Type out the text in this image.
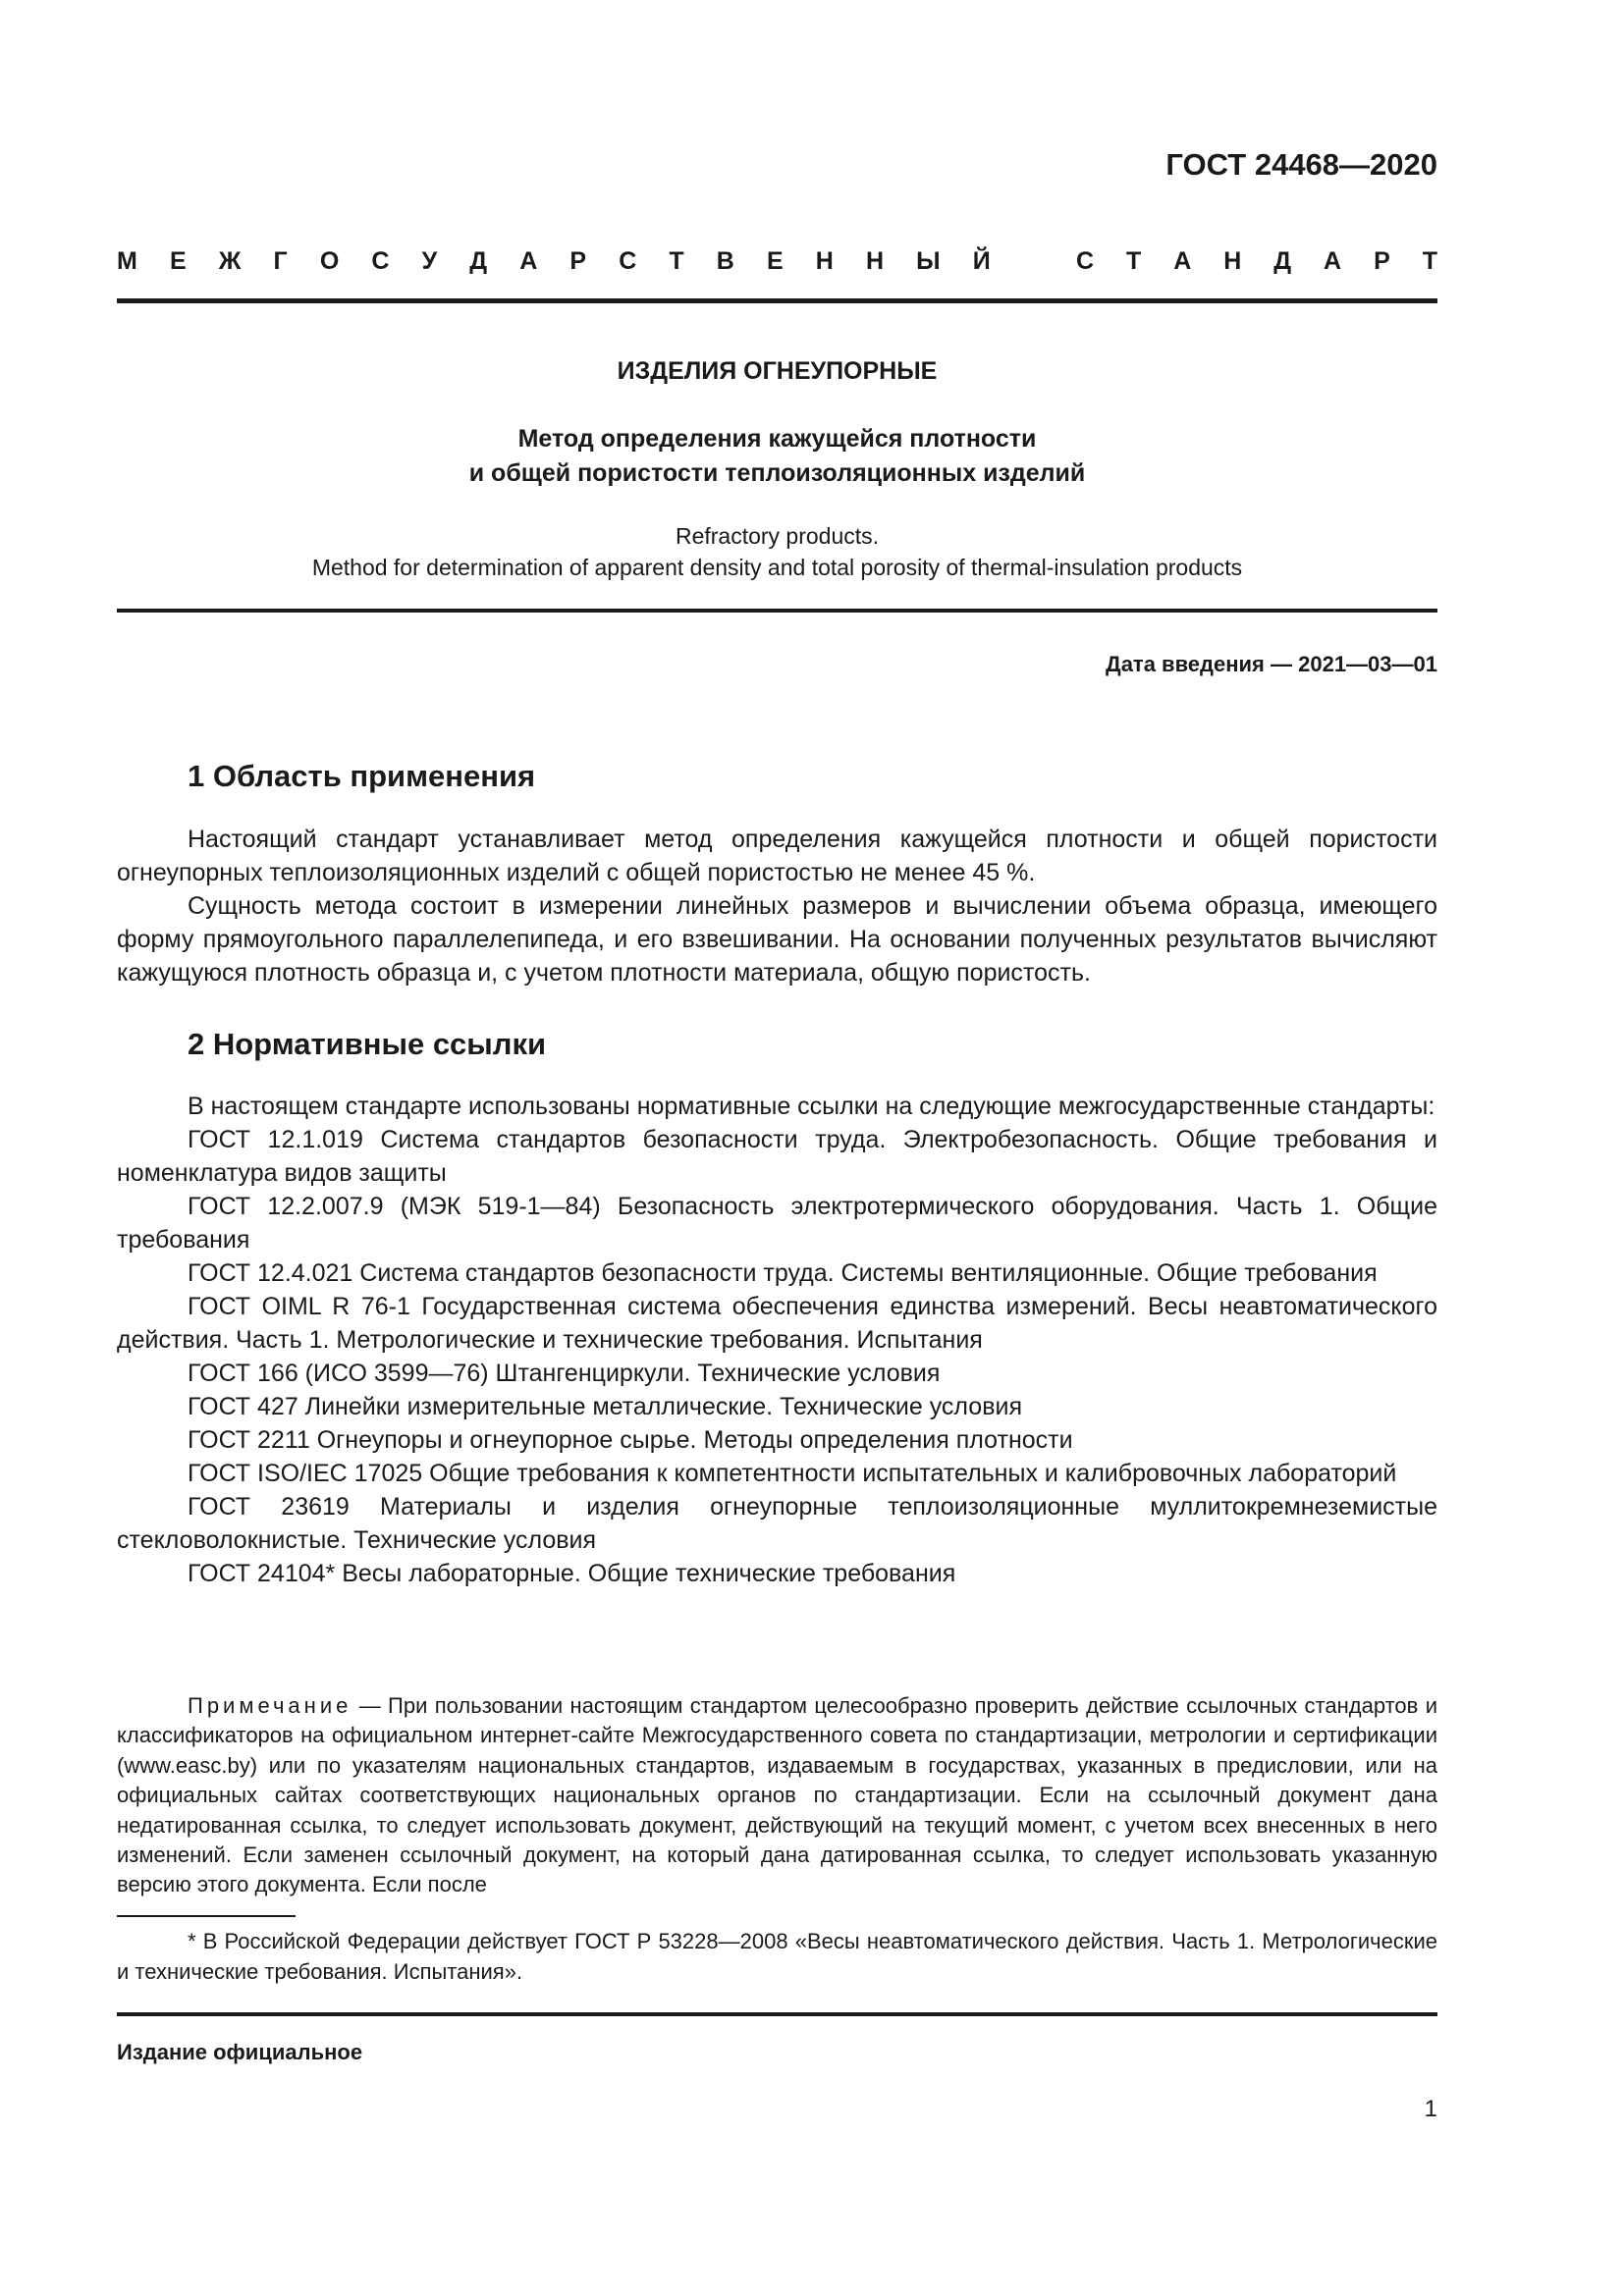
ГОСТ 24468—2020
М Е Ж Г О С У Д А Р С Т В Е Н Н Ы Й	С Т А Н Д А Р Т
ИЗДЕЛИЯ ОГНЕУПОРНЫЕ
Метод определения кажущейся плотности
и общей пористости теплоизоляционных изделий
Refractory products.
Method for determination of apparent density and total porosity of thermal-insulation products
Дата введения — 2021—03—01
1 Область применения

Настоящий стандарт устанавливает метод определения кажущейся плотности и общей пористости огнеупорных теплоизоляционных изделий с общей пористостью не менее 45 %.

Сущность метода состоит в измерении линейных размеров и вычислении объема образца, имеющего форму прямоугольного параллелепипеда, и его взвешивании. На основании полученных результатов вычисляют кажущуюся плотность образца и, с учетом плотности материала, общую пористость.

2 Нормативные ссылки

В настоящем стандарте использованы нормативные ссылки на следующие межгосударственные стандарты:

ГОСТ 12.1.019 Система стандартов безопасности труда. Электробезопасность. Общие требования и номенклатура видов защиты

ГОСТ 12.2.007.9 (МЭК 519-1—84) Безопасность электротермического оборудования. Часть 1. Общие требования

ГОСТ 12.4.021 Система стандартов безопасности труда. Системы вентиляционные. Общие требования

ГОСТ OIML R 76-1 Государственная система обеспечения единства измерений. Весы неавтоматического действия. Часть 1. Метрологические и технические требования. Испытания

ГОСТ 166 (ИСО 3599—76) Штангенциркули. Технические условия

ГОСТ 427 Линейки измерительные металлические. Технические условия

ГОСТ 2211 Огнеупоры и огнеупорное сырье. Методы определения плотности

ГОСТ ISO/IEC 17025 Общие требования к компетентности испытательных и калибровочных лабораторий

ГОСТ 23619 Материалы и изделия огнеупорные теплоизоляционные муллитокремнеземистые стекловолокнистые. Технические условия

ГОСТ 24104* Весы лабораторные. Общие технические требования

Примечание — При пользовании настоящим стандартом целесообразно проверить действие ссылочных стандартов и классификаторов на официальном интернет-сайте Межгосударственного совета по стандартизации, метрологии и сертификации (www.easc.by) или по указателям национальных стандартов, издаваемым в государствах, указанных в предисловии, или на официальных сайтах соответствующих национальных органов по стандартизации. Если на ссылочный документ дана недатированная ссылка, то следует использовать документ, действующий на текущий момент, с учетом всех внесенных в него изменений. Если заменен ссылочный документ, на который дана датированная ссылка, то следует использовать указанную версию этого документа. Если после

* В Российской Федерации действует ГОСТ Р 53228—2008 «Весы неавтоматического действия. Часть 1. Метрологические и технические требования. Испытания».

Издание официальное
1
